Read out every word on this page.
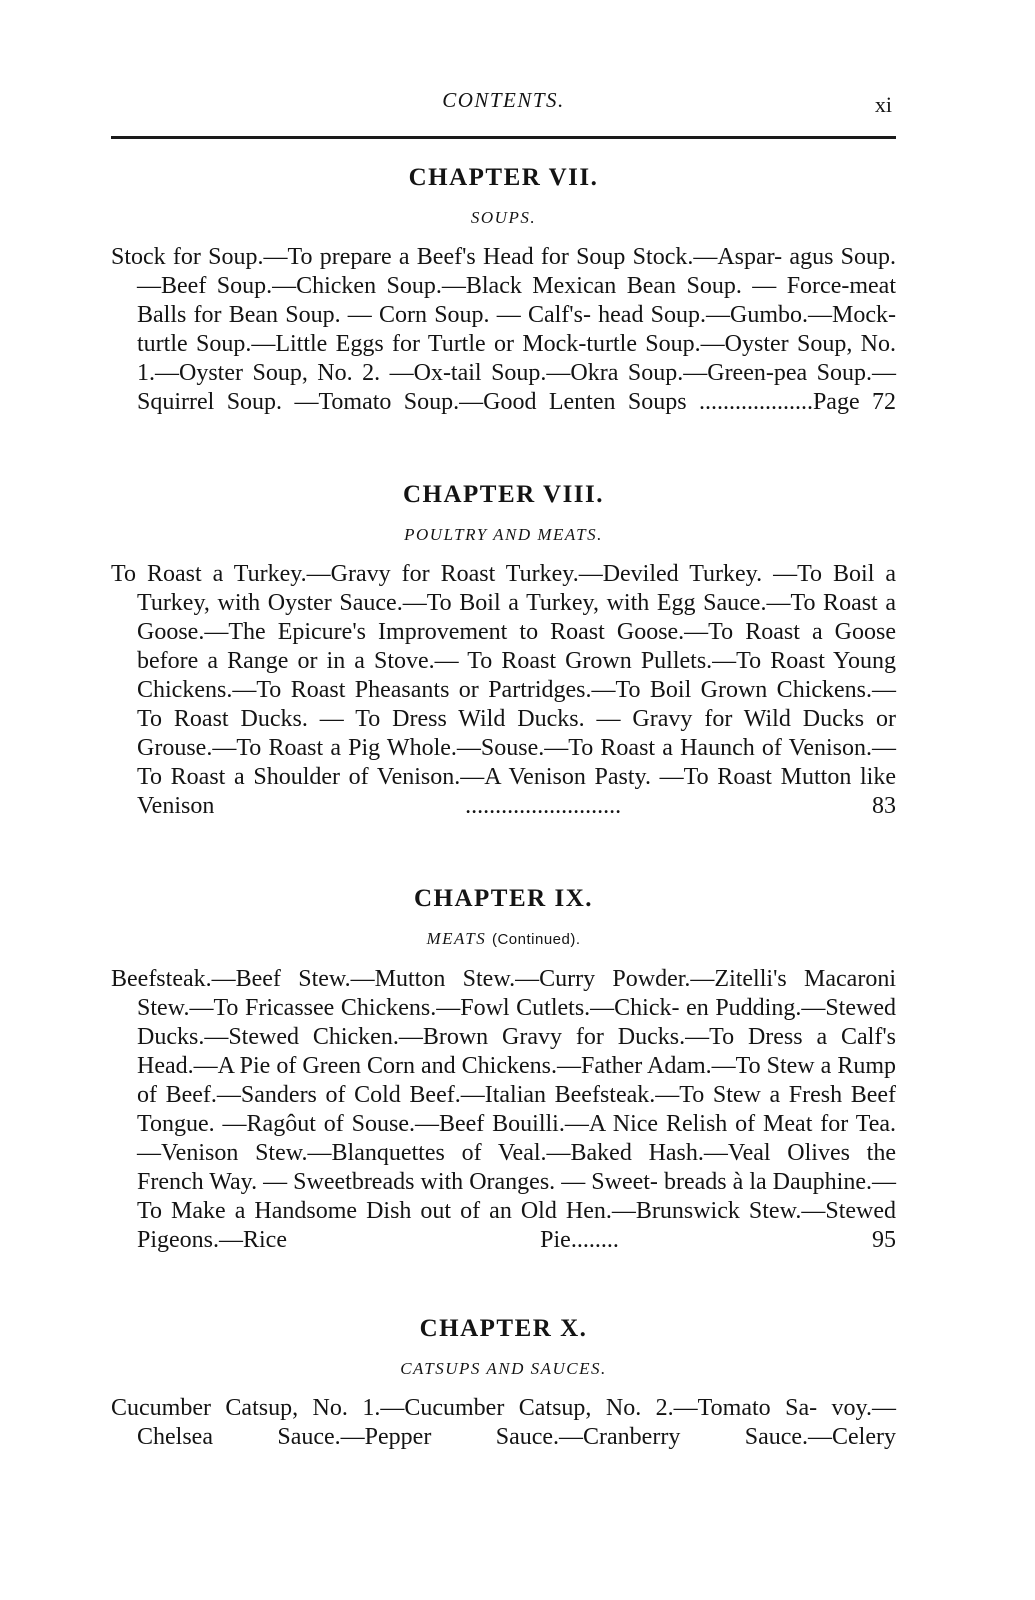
CONTENTS.	xi
CHAPTER VII.
SOUPS.

Stock for Soup.—To prepare a Beef's Head for Soup Stock.—Aspar- agus Soup.—Beef Soup.—Chicken Soup.—Black Mexican Bean Soup. — Force-meat Balls for Bean Soup. — Corn Soup. — Calf's- head Soup.—Gumbo.—Mock-turtle Soup.—Little Eggs for Turtle or Mock-turtle Soup.—Oyster Soup, No. 1.—Oyster Soup, No. 2. —Ox-tail Soup.—Okra Soup.—Green-pea Soup.—Squirrel Soup. —Tomato Soup.—Good Lenten Soups ...................Page 72

CHAPTER VIII.
POULTRY AND MEATS.

To Roast a Turkey.—Gravy for Roast Turkey.—Deviled Turkey. —To Boil a Turkey, with Oyster Sauce.—To Boil a Turkey, with Egg Sauce.—To Roast a Goose.—The Epicure's Improvement to Roast Goose.—To Roast a Goose before a Range or in a Stove.— To Roast Grown Pullets.—To Roast Young Chickens.—To Roast Pheasants or Partridges.—To Boil Grown Chickens.—To Roast Ducks. — To Dress Wild Ducks. — Gravy for Wild Ducks or Grouse.—To Roast a Pig Whole.—Souse.—To Roast a Haunch of Venison.—To Roast a Shoulder of Venison.—A Venison Pasty. —To Roast Mutton like Venison .......................... 83

CHAPTER IX.
MEATS (Continued).

Beefsteak.—Beef Stew.—Mutton Stew.—Curry Powder.—Zitelli's Macaroni Stew.—To Fricassee Chickens.—Fowl Cutlets.—Chick- en Pudding.—Stewed Ducks.—Stewed Chicken.—Brown Gravy for Ducks.—To Dress a Calf's Head.—A Pie of Green Corn and Chickens.—Father Adam.—To Stew a Rump of Beef.—Sanders of Cold Beef.—Italian Beefsteak.—To Stew a Fresh Beef Tongue. —Ragôut of Souse.—Beef Bouilli.—A Nice Relish of Meat for Tea.—Venison Stew.—Blanquettes of Veal.—Baked Hash.—Veal Olives the French Way. — Sweetbreads with Oranges. — Sweet- breads à la Dauphine.—To Make a Handsome Dish out of an Old Hen.—Brunswick Stew.—Stewed Pigeons.—Rice Pie........ 95

CHAPTER X.
CATSUPS AND SAUCES.

Cucumber Catsup, No. 1.—Cucumber Catsup, No. 2.—Tomato Sa- voy.—Chelsea Sauce.—Pepper Sauce.—Cranberry Sauce.—Celery
